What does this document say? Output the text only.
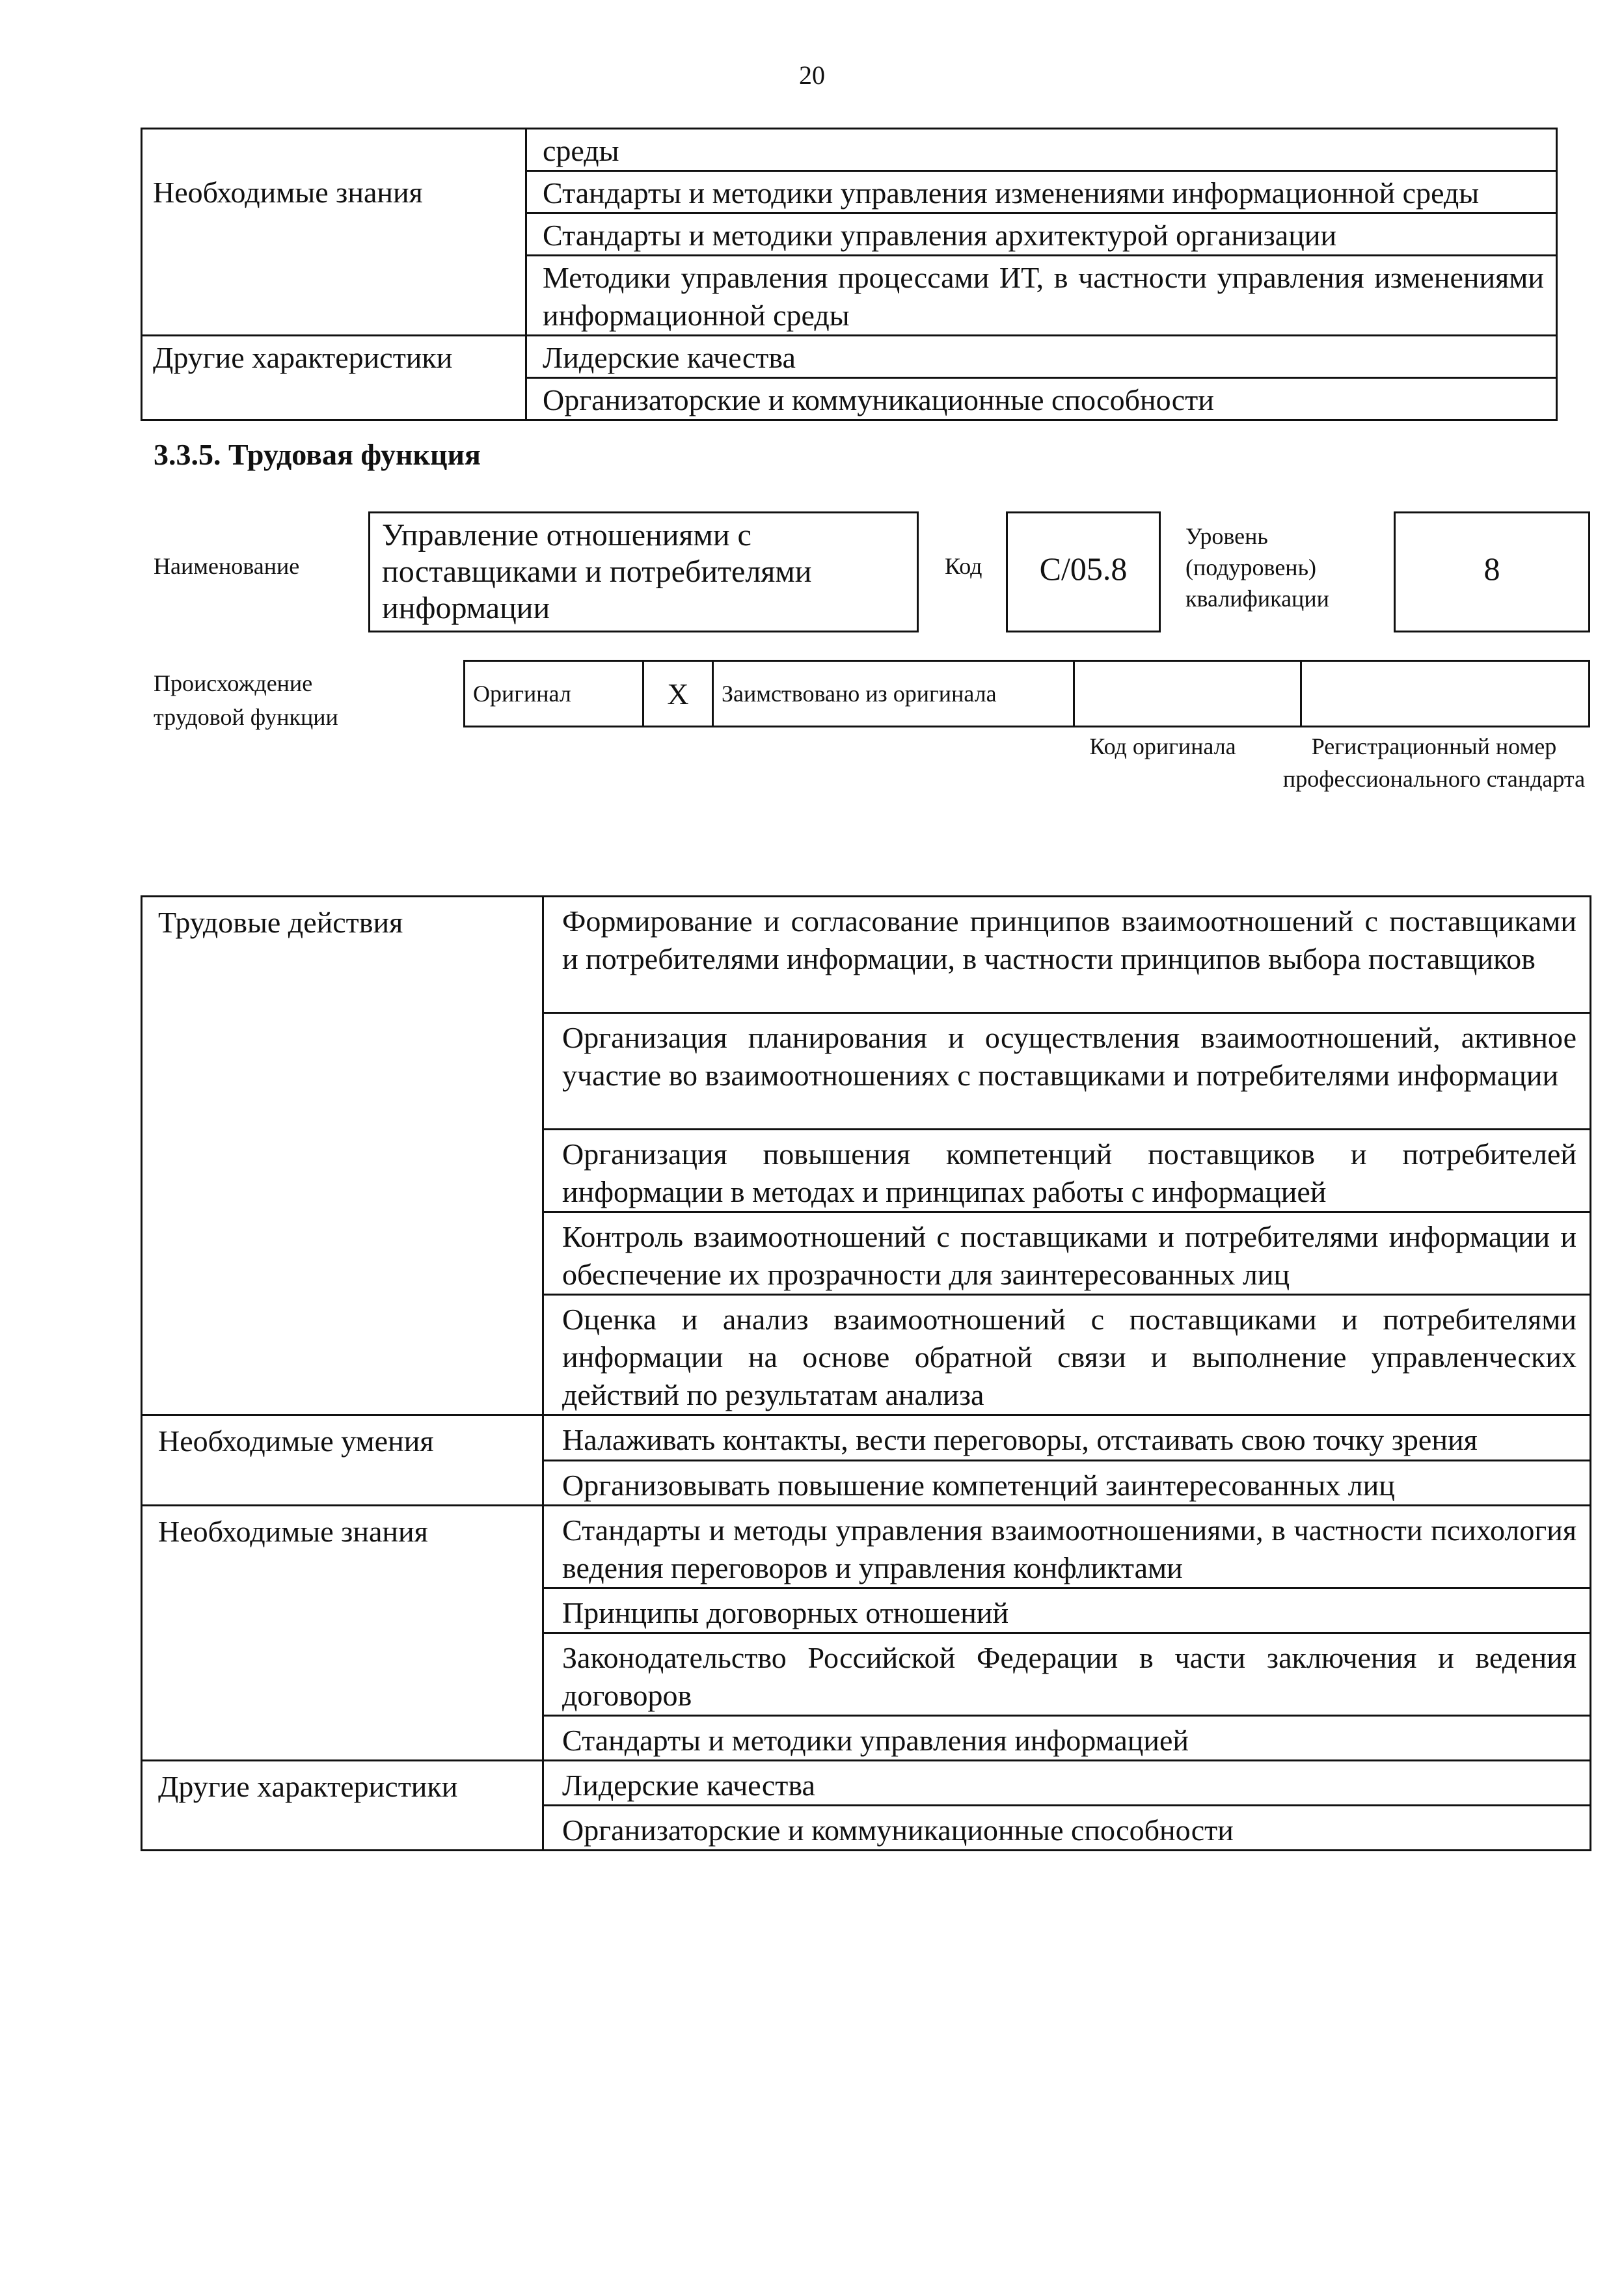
20
	среды
Необходимые знания	Стандарты и методики управления изменениями информационной среды
	Стандарты и методики управления архитектурой организации
	Методики управления процессами ИТ, в частности управления изменениями информационной среды
Другие характеристики	Лидерские качества
	Организаторские и коммуникационные способности
3.3.5. Трудовая функция
Наименование
Управление отношениями с поставщиками и потребителями информации
Код	С/05.8
Уровень (подуровень) квалификации
8
Происхождение трудовой функции
Оригинал	X	Заимствовано из оригинала		
Код оригинала	Регистрационный номер профессионального стандарта
Трудовые действия	Формирование и согласование принципов взаимоотношений с поставщиками и потребителями информации, в частности принципов выбора поставщиков
	Организация планирования и осуществления взаимоотношений, активное участие во взаимоотношениях с поставщиками и потребителями информации
	Организация повышения компетенций поставщиков и потребителей информации в методах и принципах работы с информацией
	Контроль взаимоотношений с поставщиками и потребителями информации и обеспечение их прозрачности для заинтересованных лиц
	Оценка и анализ взаимоотношений с поставщиками и потребителями информации на основе обратной связи и выполнение управленческих действий по результатам анализа
Необходимые умения	Налаживать контакты, вести переговоры, отстаивать свою точку зрения
	Организовывать повышение компетенций заинтересованных лиц
Необходимые знания	Стандарты и методы управления взаимоотношениями, в частности психология ведения переговоров и управления конфликтами
	Принципы договорных отношений
	Законодательство Российской Федерации в части заключения и ведения договоров
	Стандарты и методики управления информацией
Другие характеристики	Лидерские качества
	Организаторские и коммуникационные способности
